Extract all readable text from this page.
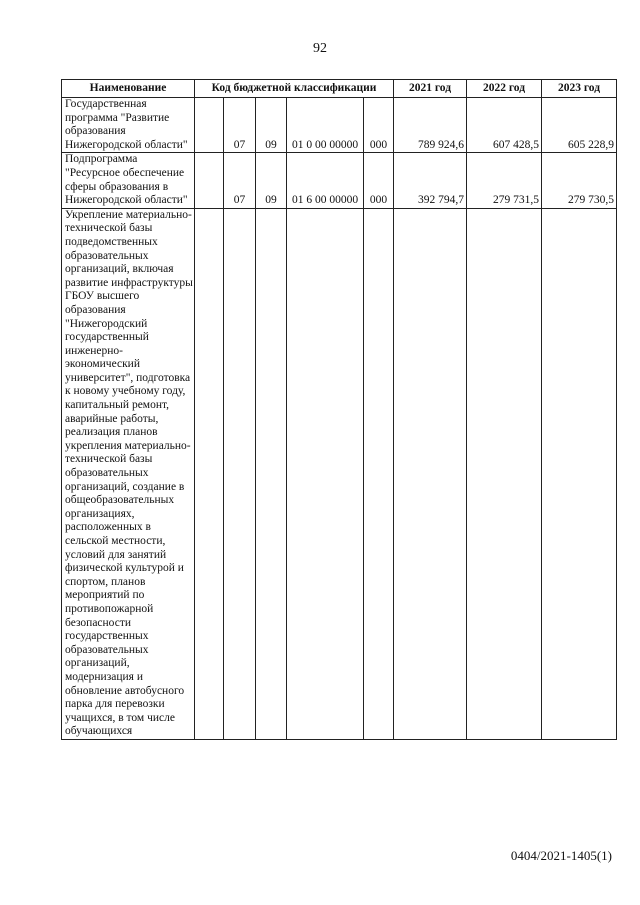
92
Наименование	Код бюджетной классификации					2021 год	2022 год	2023 год
Государственная программа "Развитие образования Нижегородской области"		07	09	01 0 00 00000	000	789 924,6	607 428,5	605 228,9
Подпрограмма "Ресурсное обеспечение сферы образования в Нижегородской области"		07	09	01 6 00 00000	000	392 794,7	279 731,5	279 730,5
Укрепление материально-технической базы подведомственных образовательных организаций, включая развитие инфраструктуры ГБОУ высшего образования "Нижегородский государственный инженерно-экономический университет", подготовка к новому учебному году, капитальный ремонт, аварийные работы, реализация планов укрепления материально-технической базы образовательных организаций, создание в общеобразовательных организациях, расположенных в сельской местности, условий для занятий физической культурой и спортом, планов мероприятий по противопожарной безопасности государственных образовательных организаций, модернизация и обновление автобусного парка для перевозки учащихся, в том числе обучающихся								
0404/2021-1405(1)
